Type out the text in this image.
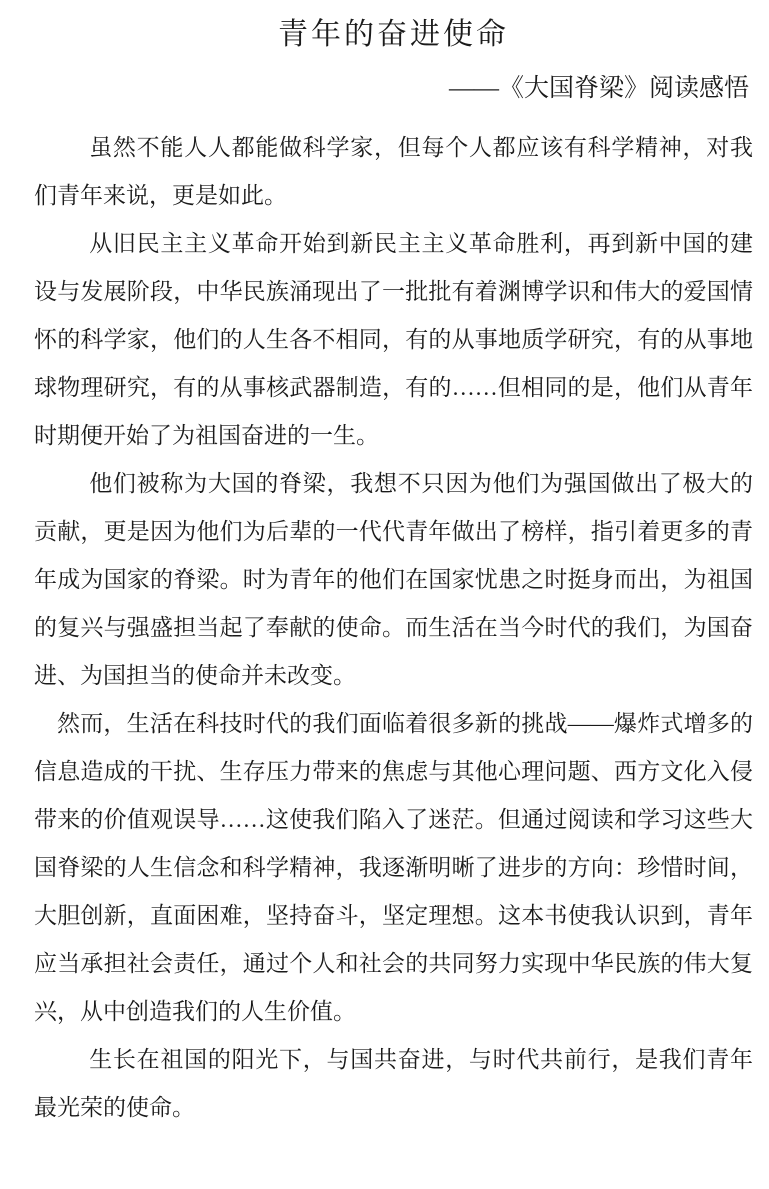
青年的奋进使命
——《大国脊梁》阅读感悟

虽然不能人人都能做科学家，但每个人都应该有科学精神，对我们青年来说，更是如此。

从旧民主主义革命开始到新民主主义革命胜利，再到新中国的建设与发展阶段，中华民族涌现出了一批批有着渊博学识和伟大的爱国情怀的科学家，他们的人生各不相同，有的从事地质学研究，有的从事地球物理研究，有的从事核武器制造，有的……但相同的是，他们从青年时期便开始了为祖国奋进的一生。

他们被称为大国的脊梁，我想不只因为他们为强国做出了极大的贡献，更是因为他们为后辈的一代代青年做出了榜样，指引着更多的青年成为国家的脊梁。时为青年的他们在国家忧患之时挺身而出，为祖国的复兴与强盛担当起了奉献的使命。而生活在当今时代的我们，为国奋进、为国担当的使命并未改变。

然而，生活在科技时代的我们面临着很多新的挑战——爆炸式增多的信息造成的干扰、生存压力带来的焦虑与其他心理问题、西方文化入侵带来的价值观误导……这使我们陷入了迷茫。但通过阅读和学习这些大国脊梁的人生信念和科学精神，我逐渐明晰了进步的方向：珍惜时间，大胆创新，直面困难，坚持奋斗，坚定理想。这本书使我认识到，青年应当承担社会责任，通过个人和社会的共同努力实现中华民族的伟大复兴，从中创造我们的人生价值。

生长在祖国的阳光下，与国共奋进，与时代共前行，是我们青年最光荣的使命。
